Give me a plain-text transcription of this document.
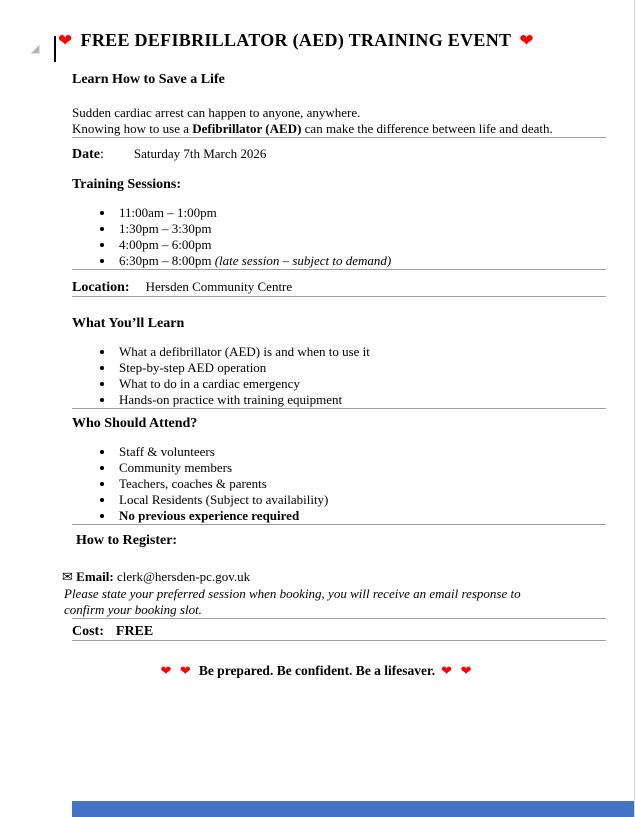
◢ ❤ FREE DEFIBRILLATOR (AED) TRAINING EVENT ❤
Learn How to Save a Life
Sudden cardiac arrest can happen to anyone, anywhere.
Knowing how to use a Defibrillator (AED) can make the difference between life and death.
Date: Saturday 7th March 2026
Training Sessions:
• 11:00am – 1:00pm
• 1:30pm – 3:30pm
• 4:00pm – 6:00pm
• 6:30pm – 8:00pm (late session – subject to demand)
Location: Hersden Community Centre
What You’ll Learn
• What a defibrillator (AED) is and when to use it
• Step-by-step AED operation
• What to do in a cardiac emergency
• Hands-on practice with training equipment
Who Should Attend?
• Staff & volunteers
• Community members
• Teachers, coaches & parents
• Local Residents (Subject to availability)
• No previous experience required
How to Register:
✉ Email: clerk@hersden-pc.gov.uk
Please state your preferred session when booking, you will receive an email response to
confirm your booking slot.
Cost: FREE
❤ ❤ Be prepared. Be confident. Be a lifesaver. ❤ ❤
